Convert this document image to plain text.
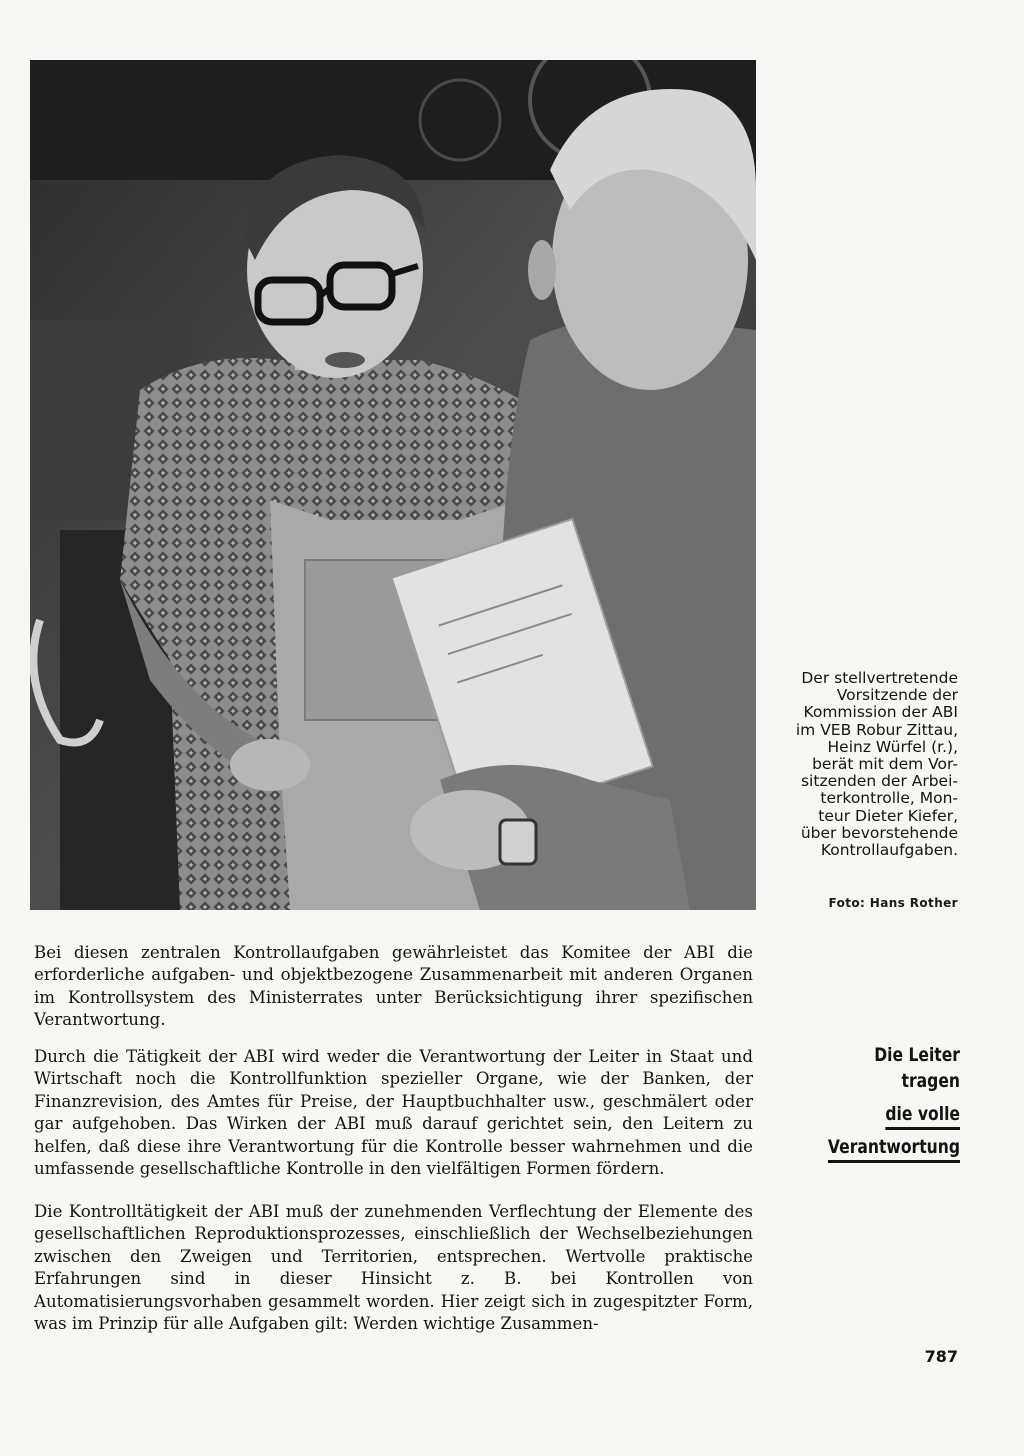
Der stellvertretende
Vorsitzende der
Kommission der ABI
im VEB Robur Zittau,
Heinz Würfel (r.),
berät mit dem Vor-
sitzenden der Arbei-
terkontrolle, Mon-
teur Dieter Kiefer,
über bevorstehende
Kontrollaufgaben.
Foto: Hans Rother

Bei diesen zentralen Kontrollaufgaben gewährleistet das Komitee der ABI die erforderliche aufgaben- und objektbezogene Zusammenarbeit mit anderen Organen im Kontrollsystem des Ministerrates unter Berücksichtigung ihrer spezifischen Verantwortung.

Die Leiter tragen
die volle
Verantwortung

Durch die Tätigkeit der ABI wird weder die Verantwortung der Leiter in Staat und Wirtschaft noch die Kontrollfunktion spezieller Organe, wie der Banken, der Finanzrevision, des Amtes für Preise, der Hauptbuchhalter usw., geschmälert oder gar aufgehoben. Das Wirken der ABI muß darauf gerichtet sein, den Leitern zu helfen, daß diese ihre Verantwortung für die Kontrolle besser wahrnehmen und die umfassende gesellschaftliche Kontrolle in den vielfältigen Formen fördern.

Die Kontrolltätigkeit der ABI muß der zunehmenden Verflechtung der Elemente des gesellschaftlichen Reproduktionsprozesses, einschließlich der Wechselbeziehungen zwischen den Zweigen und Territorien, entsprechen. Wertvolle praktische Erfahrungen sind in dieser Hinsicht z. B. bei Kontrollen von Automatisierungsvorhaben gesammelt worden. Hier zeigt sich in zugespitzter Form, was im Prinzip für alle Aufgaben gilt: Werden wichtige Zusammen-

787
